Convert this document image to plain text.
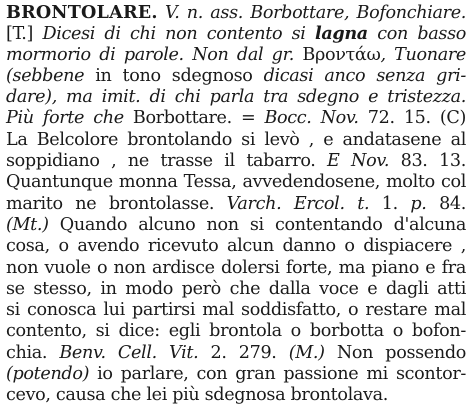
BRONTOLARE. V. n. ass. Borbottare, Bofonchiare.
[T.] Dicesi di chi non contento si lagna con basso
mormorio di parole. Non dal gr. Βροντάω, Tuonare
(sebbene in tono sdegnoso dicasi anco senza gri-
dare), ma imit. di chi parla tra sdegno e tristezza.
Più forte che Borbottare. = Bocc. Nov. 72. 15. (C)
La Belcolore brontolando si levò , e andatasene al
soppidiano , ne trasse il tabarro. E Nov. 83. 13.
Quantunque monna Tessa, avvedendosene, molto col
marito ne brontolasse. Varch. Ercol. t. 1. p. 84.
(Mt.) Quando alcuno non si contentando d'alcuna
cosa, o avendo ricevuto alcun danno o dispiacere ,
non vuole o non ardisce dolersi forte, ma piano e fra
se stesso, in modo però che dalla voce e dagli atti
si conosca lui partirsi mal soddisfatto, o restare mal
contento, si dice: egli brontola o borbotta o bofon-
chia. Benv. Cell. Vit. 2. 279. (M.) Non possendo
(potendo) io parlare, con gran passione mi scontor-
cevo, causa che lei più sdegnosa brontolava.
